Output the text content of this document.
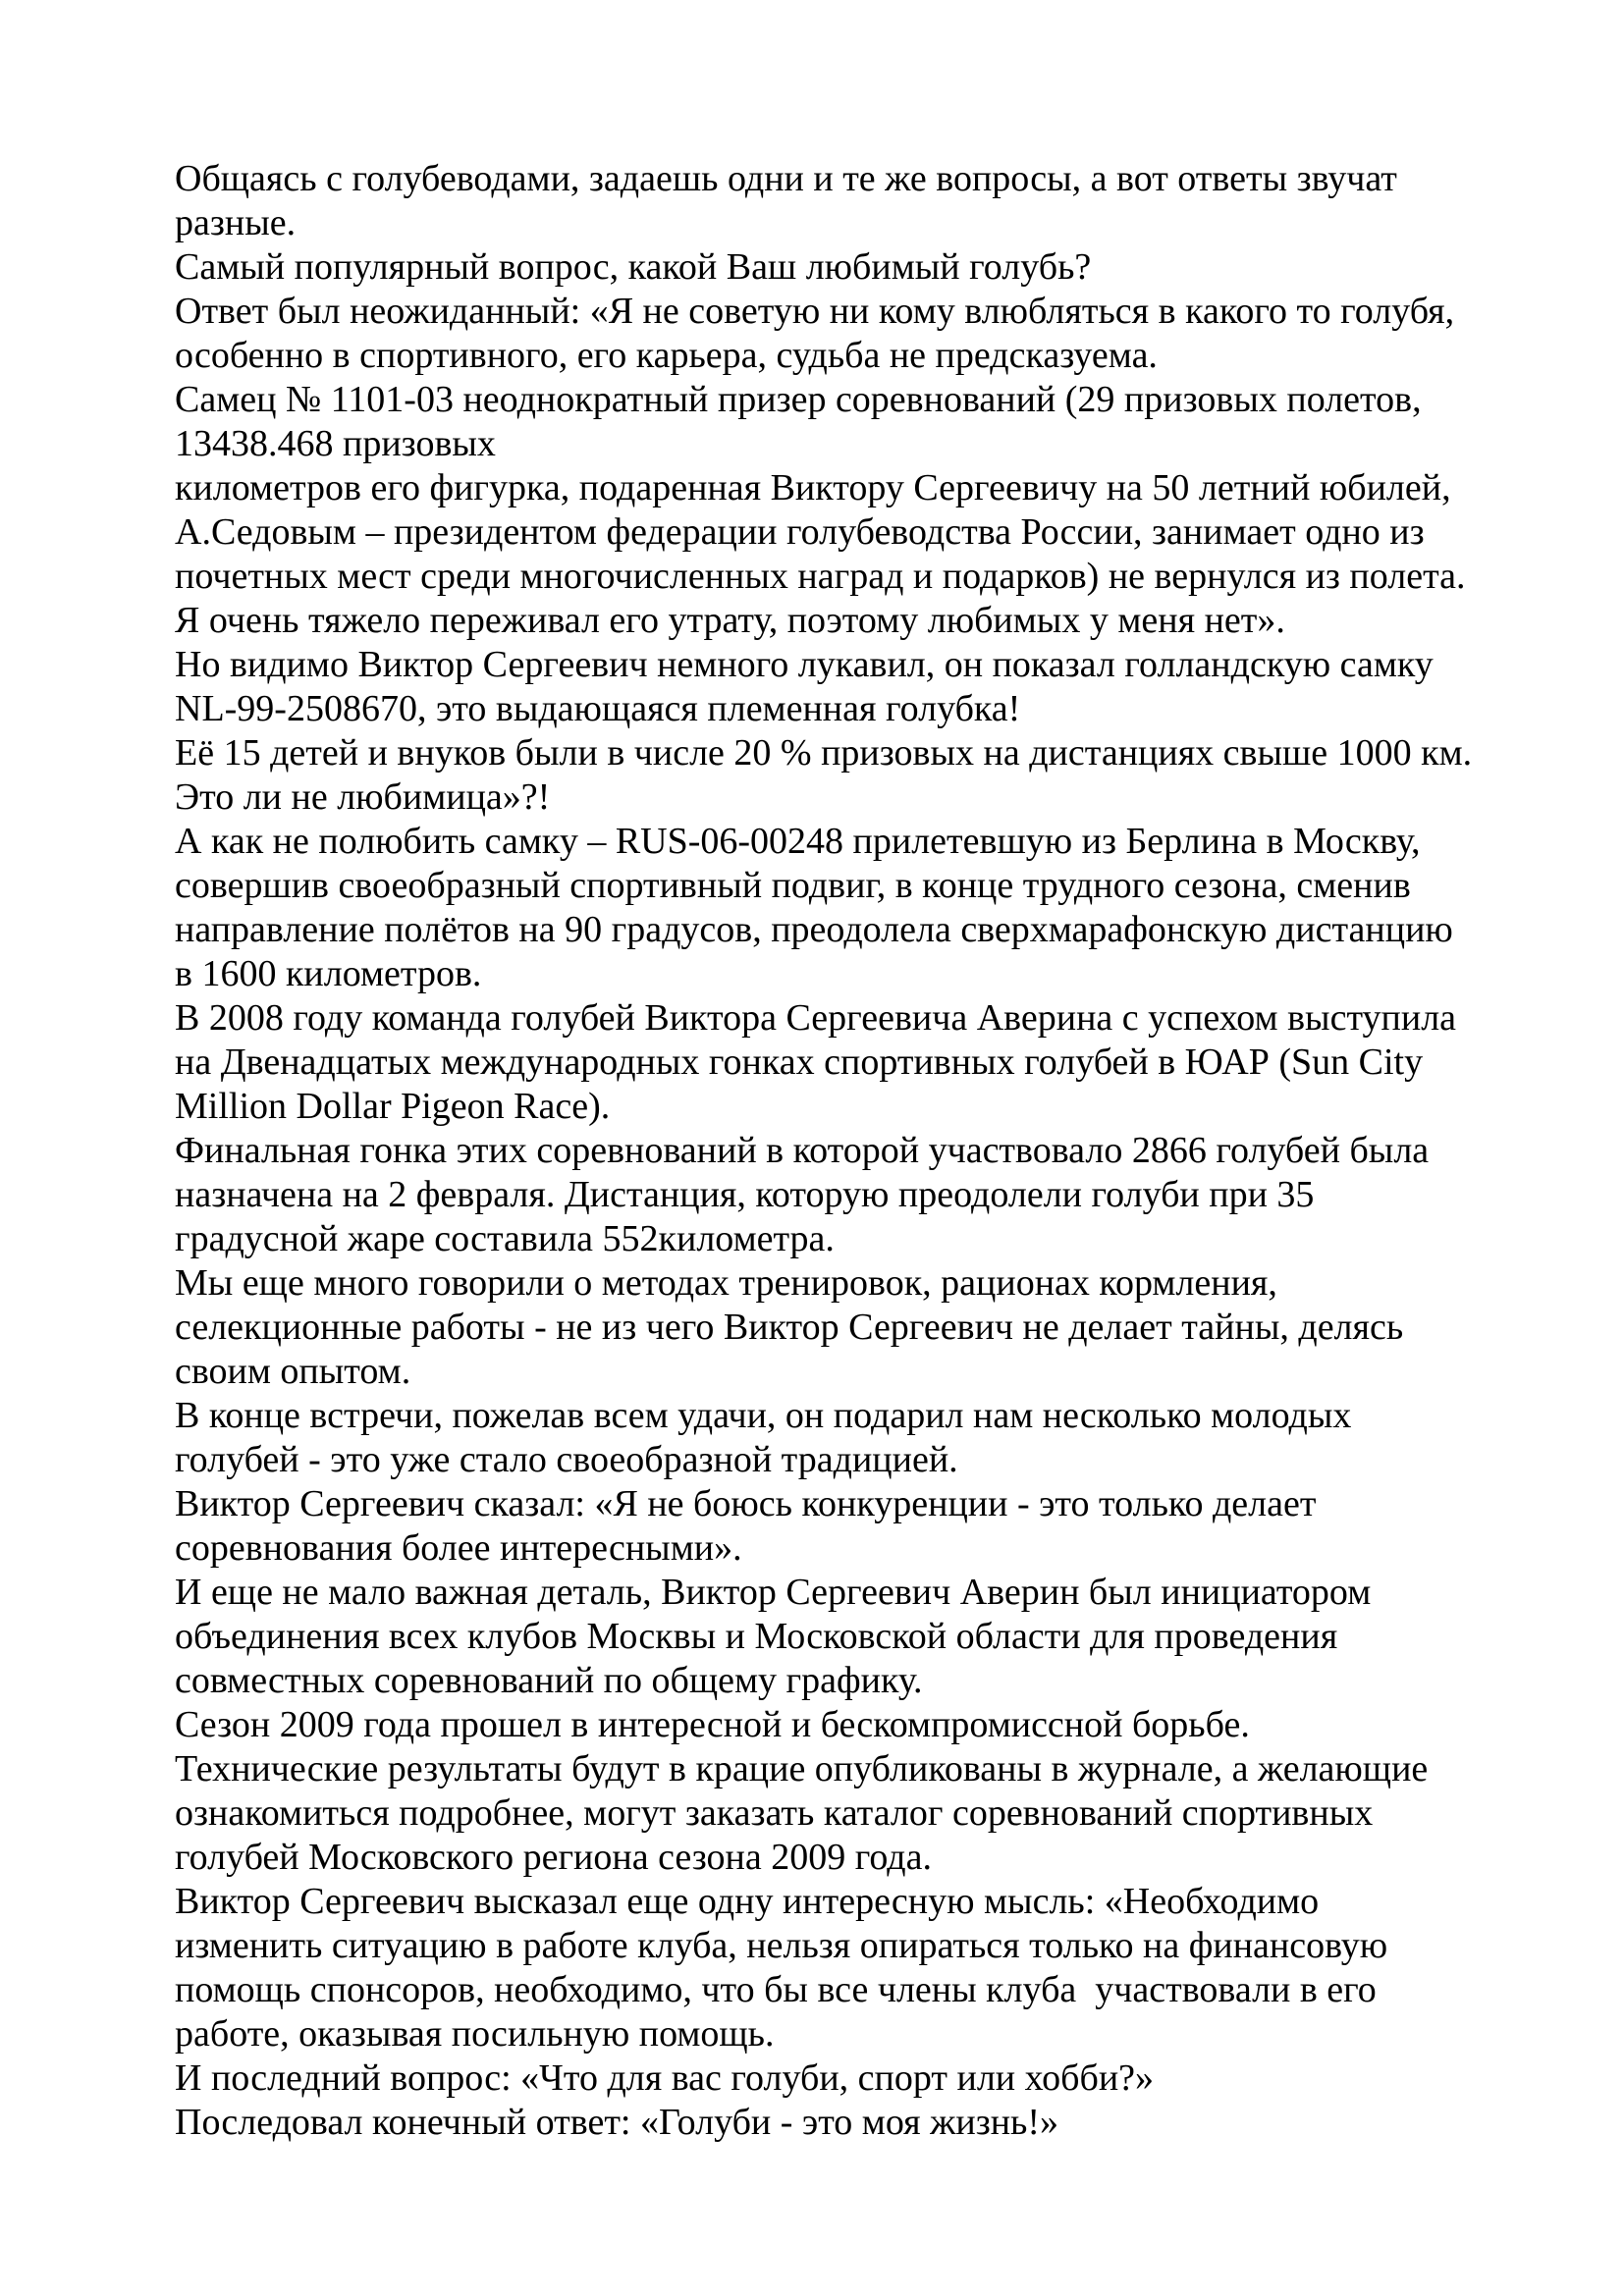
Общаясь с голубеводами, задаешь одни и те же вопросы, а вот ответы звучат
разные.
Самый популярный вопрос, какой Ваш любимый голубь?
Ответ был неожиданный: «Я не советую ни кому влюбляться в какого то голубя,
особенно в спортивного, его карьера, судьба не предсказуема.
Самец № 1101-03 неоднократный призер соревнований (29 призовых полетов,
13438.468 призовых
километров его фигурка, подаренная Виктору Сергеевичу на 50 летний юбилей,
А.Седовым – президентом федерации голубеводства России, занимает одно из
почетных мест среди многочисленных наград и подарков) не вернулся из полета.
Я очень тяжело переживал его утрату, поэтому любимых у меня нет».
Но видимо Виктор Сергеевич немного лукавил, он показал голландскую самку
NL-99-2508670, это выдающаяся племенная голубка!
Её 15 детей и внуков были в числе 20 % призовых на дистанциях свыше 1000 км.
Это ли не любимица»?!
А как не полюбить самку – RUS-06-00248 прилетевшую из Берлина в Москву,
совершив своеобразный спортивный подвиг, в конце трудного сезона, сменив
направление полётов на 90 градусов, преодолела сверхмарафонскую дистанцию
в 1600 километров.
В 2008 году команда голубей Виктора Сергеевича Аверина с успехом выступила
на Двенадцатых международных гонках спортивных голубей в ЮАР (Sun City
Million Dollar Pigeon Race).
Финальная гонка этих соревнований в которой участвовало 2866 голубей была
назначена на 2 февраля. Дистанция, которую преодолели голуби при 35
градусной жаре составила 552километра.
Мы еще много говорили о методах тренировок, рационах кормления,
селекционные работы - не из чего Виктор Сергеевич не делает тайны, делясь
своим опытом.
В конце встречи, пожелав всем удачи, он подарил нам несколько молодых
голубей - это уже стало своеобразной традицией.
Виктор Сергеевич сказал: «Я не боюсь конкуренции - это только делает
соревнования более интересными».
И еще не мало важная деталь, Виктор Сергеевич Аверин был инициатором
объединения всех клубов Москвы и Московской области для проведения
совместных соревнований по общему графику.
Сезон 2009 года прошел в интересной и бескомпромиссной борьбе.
Технические результаты будут в крацие опубликованы в журнале, а желающие
ознакомиться подробнее, могут заказать каталог соревнований спортивных
голубей Московского региона сезона 2009 года.
Виктор Сергеевич высказал еще одну интересную мысль: «Необходимо
изменить ситуацию в работе клуба, нельзя опираться только на финансовую
помощь спонсоров, необходимо, что бы все члены клуба  участвовали в его
работе, оказывая посильную помощь.
И последний вопрос: «Что для вас голуби, спорт или хобби?»
Последовал конечный ответ: «Голуби - это моя жизнь!»
